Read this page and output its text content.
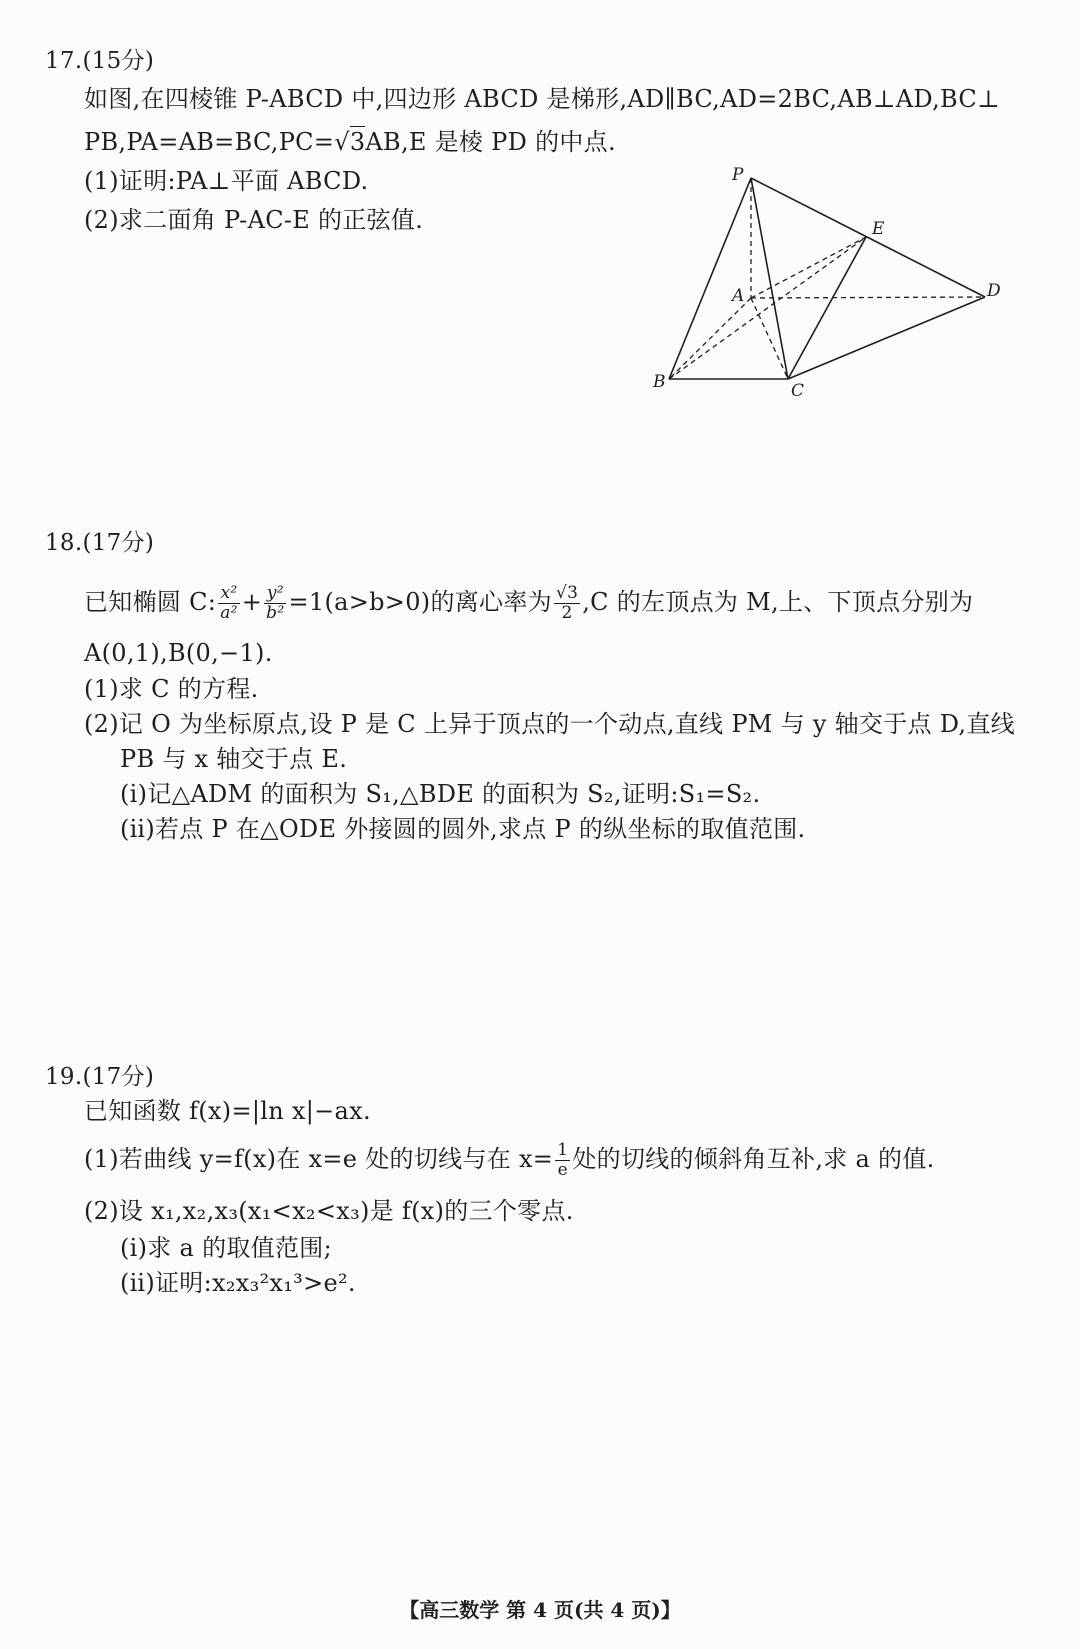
17.(15分)
如图,在四棱锥 P-ABCD 中,四边形 ABCD 是梯形,AD∥BC,AD=2BC,AB⊥AD,BC⊥
PB,PA=AB=BC,PC=√3AB,E 是棱 PD 的中点.
(1)证明:PA⊥平面 ABCD.
(2)求二面角 P-AC-E 的正弦值.
P
E
A	D
B	C
18.(17分)
已知椭圆 C: $\frac{\text{x²}}{\text{a²}} + \frac{\text{y²}}{\text{b²}} =1(a>b>0)$的离心率为 $\frac{√3}{2} ,C$ 的左顶点为 M,上、下顶点分别为
A(0,1),B(0,−1).
(1)求 C 的方程.
(2)记 O 为坐标原点,设 P 是 C 上异于顶点的一个动点,直线 PM 与 y 轴交于点 D,直线
PB 与 x 轴交于点 E.
(ⅰ)记△ADM 的面积为 S₁,△BDE 的面积为 S₂,证明:S₁=S₂.
(ⅱ)若点 P 在△ODE 外接圆的圆外,求点 P 的纵坐标的取值范围.
19.(17分)
已知函数 f(x)=|ln x|−ax.
(1)若曲线 y=f(x)在 x=e 处的切线与在 $x= \frac{1}{e}$ 处的切线的倾斜角互补,求 a 的值.
(2)设 x₁,x₂,x₃(x₁<x₂<x₃)是 f(x)的三个零点.
(ⅰ)求 a 的取值范围;
(ⅱ)证明:x₂x₃²x₁³>e².
【高三数学 第 4 页(共 4 页)】
